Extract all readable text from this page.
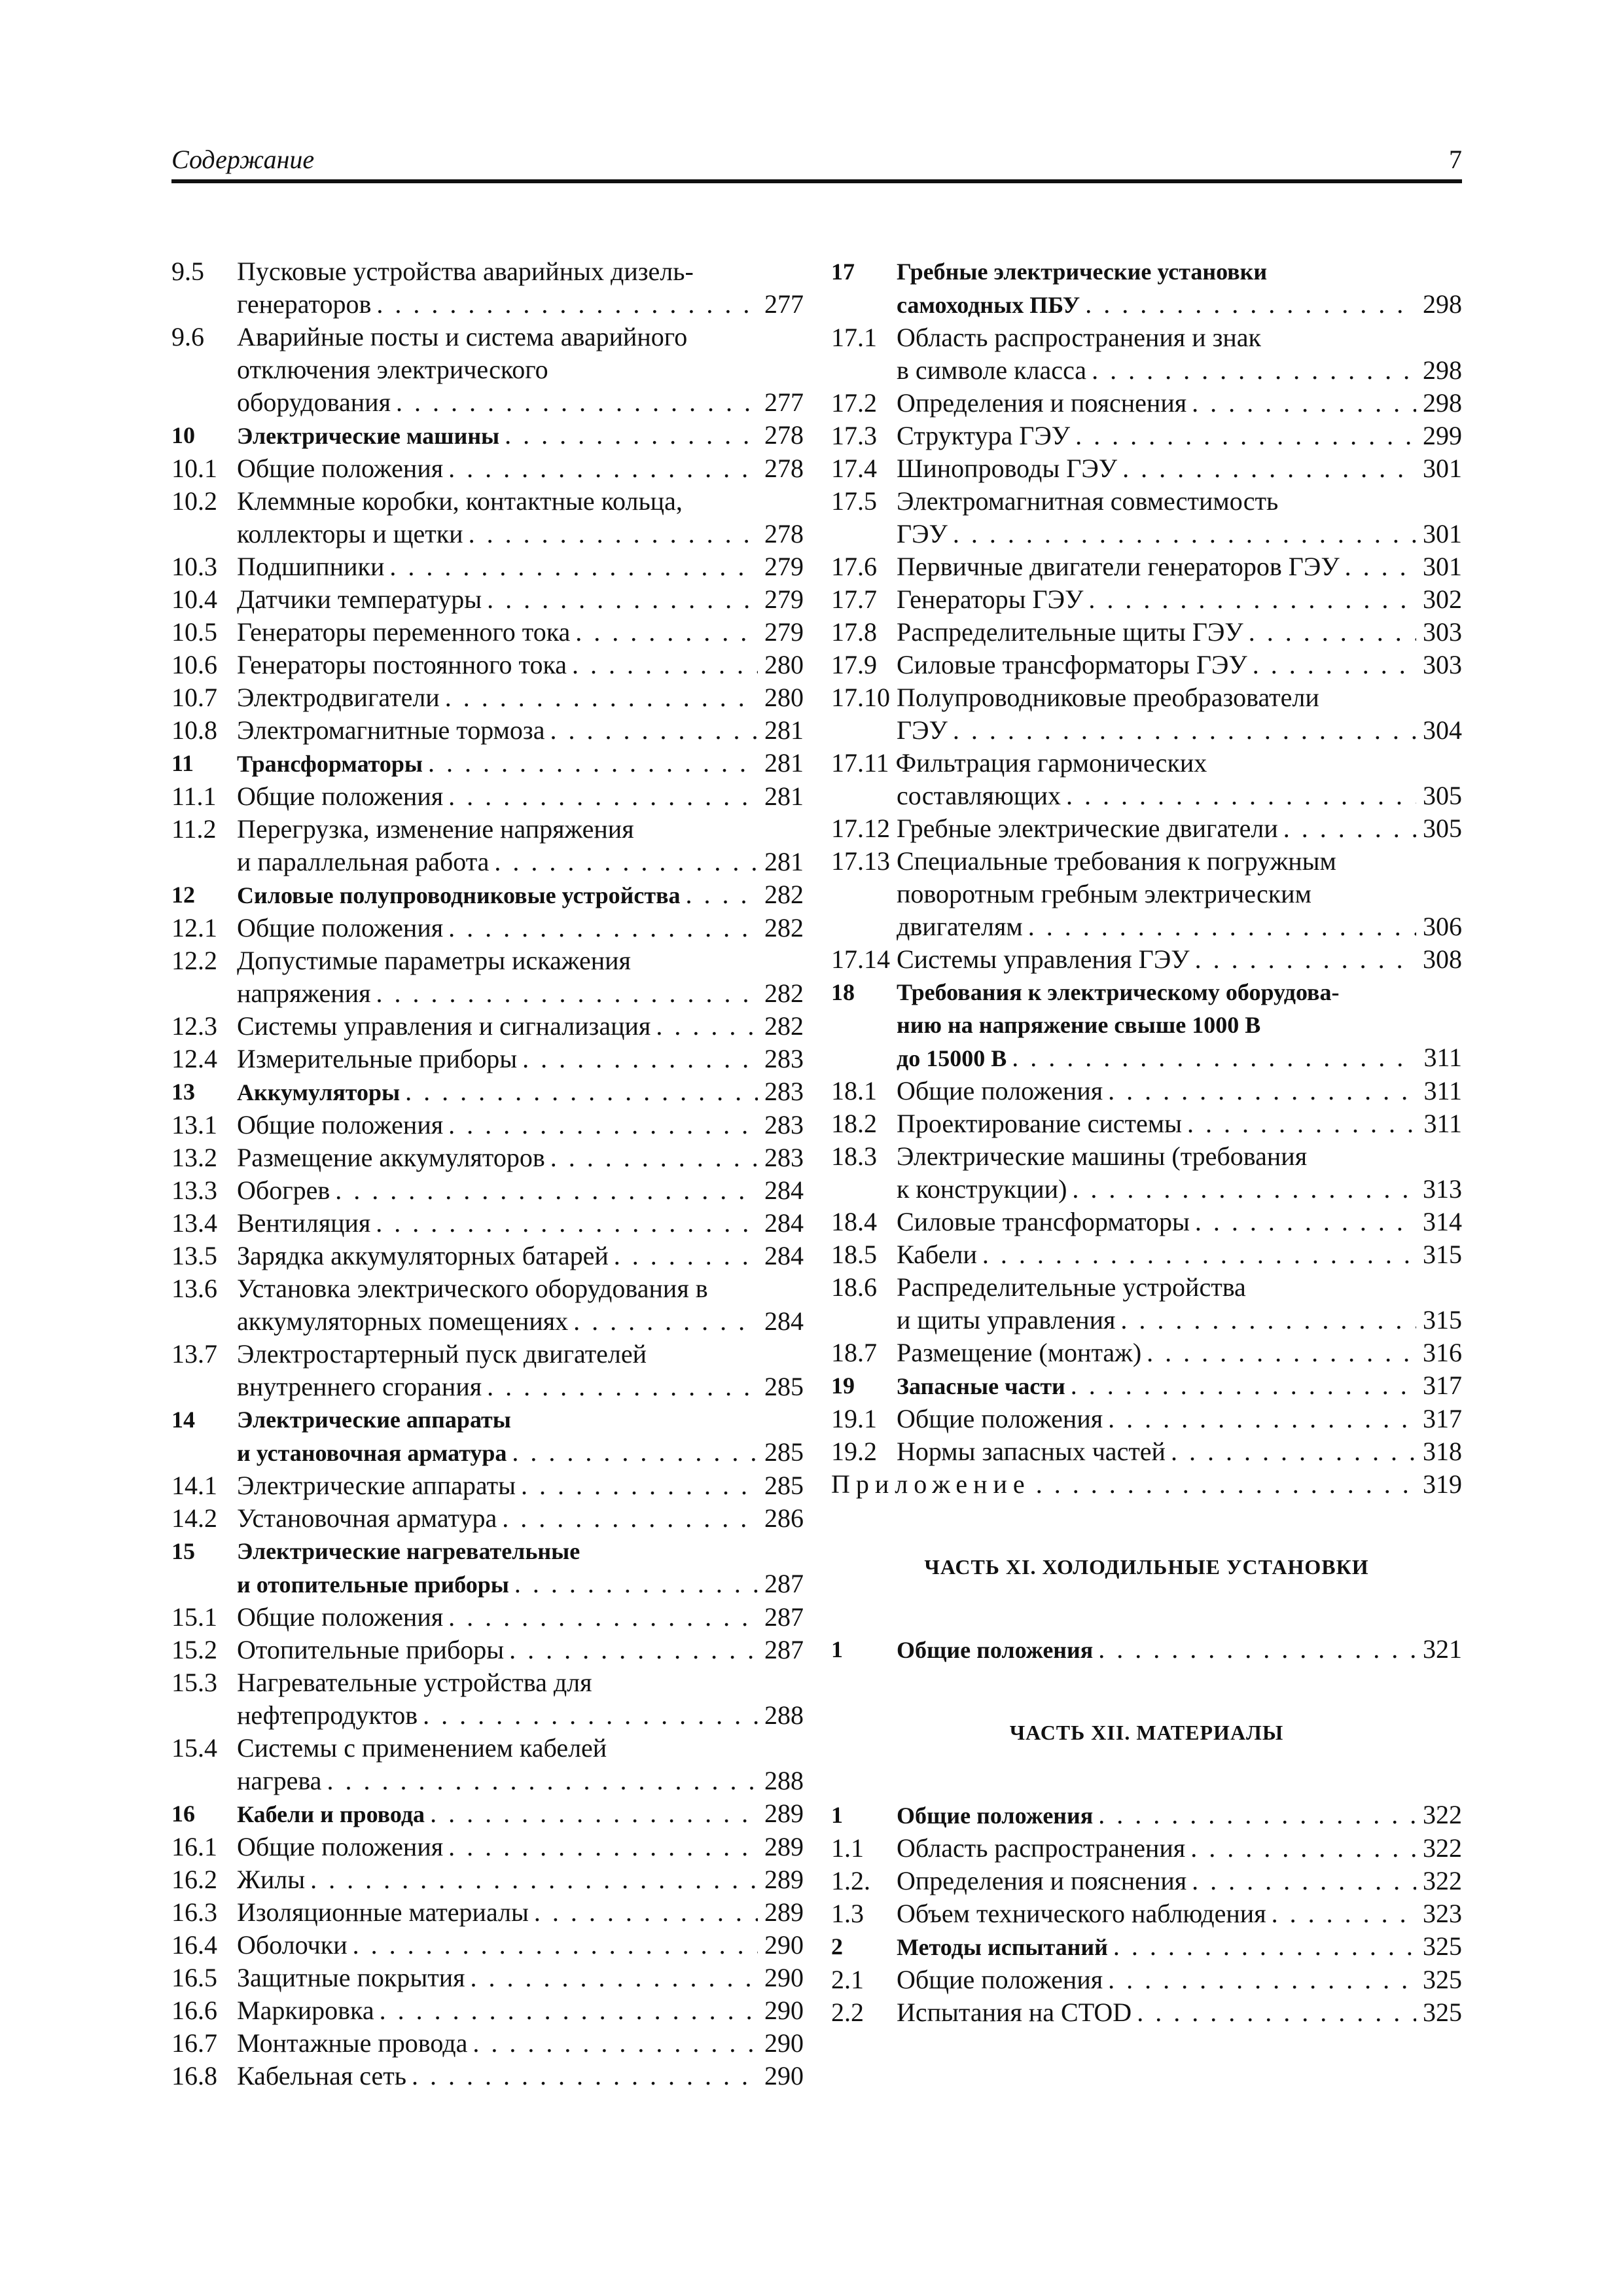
Содержание	7
9.5 Пусковые устройства аварийных дизель-
генераторов . . .	277
9.6 Аварийные посты и система аварийного
отключения электрического
оборудования . . .	277
10 Электрические машины . . .	278
10.1 Общие положения . . .	278
10.2 Клеммные коробки, контактные кольца,
коллекторы и щетки . . .	278
10.3 Подшипники . . .	279
10.4 Датчики температуры . . .	279
10.5 Генераторы переменного тока . . .	279
10.6 Генераторы постоянного тока . . .	280
10.7 Электродвигатели . . .	280
10.8 Электромагнитные тормоза . . .	281
11 Трансформаторы . . .	281
11.1 Общие положения . . .	281
11.2 Перегрузка, изменение напряжения
и параллельная работа . . .	281
12 Силовые полупроводниковые устройства . . .	282
12.1 Общие положения . . .	282
12.2 Допустимые параметры искажения
напряжения . . .	282
12.3 Системы управления и сигнализация . . .	282
12.4 Измерительные приборы . . .	283
13 Аккумуляторы . . .	283
13.1 Общие положения . . .	283
13.2 Размещение аккумуляторов . . .	283
13.3 Обогрев . . .	284
13.4 Вентиляция . . .	284
13.5 Зарядка аккумуляторных батарей . . .	284
13.6 Установка электрического оборудования в
аккумуляторных помещениях . . .	284
13.7 Электростартерный пуск двигателей
внутреннего сгорания . . .	285
14 Электрические аппараты
и установочная арматура . . .	285
14.1 Электрические аппараты . . .	285
14.2 Установочная арматура . . .	286
15 Электрические нагревательные
и отопительные приборы . . .	287
15.1 Общие положения . . .	287
15.2 Отопительные приборы . . .	287
15.3 Нагревательные устройства для
нефтепродуктов . . .	288
15.4 Системы с применением кабелей
нагрева . . .	288
16 Кабели и провода . . .	289
16.1 Общие положения . . .	289
16.2 Жилы . . .	289
16.3 Изоляционные материалы . . .	289
16.4 Оболочки . . .	290
16.5 Защитные покрытия . . .	290
16.6 Маркировка . . .	290
16.7 Монтажные провода . . .	290
16.8 Кабельная сеть . . .	290
17 Гребные электрические установки
самоходных ПБУ . . .	298
17.1 Область распространения и знак
в символе класса . . .	298
17.2 Определения и пояснения . . .	298
17.3 Структура ГЭУ . . .	299
17.4 Шинопроводы ГЭУ . . .	301
17.5 Электромагнитная совместимость
ГЭУ . . .	301
17.6 Первичные двигатели генераторов ГЭУ . . .	301
17.7 Генераторы ГЭУ . . .	302
17.8 Распределительные щиты ГЭУ . . .	303
17.9 Силовые трансформаторы ГЭУ . . .	303
17.10 Полупроводниковые преобразователи
ГЭУ . . .	304
17.11 Фильтрация гармонических
составляющих . . .	305
17.12 Гребные электрические двигатели . . .	305
17.13 Специальные требования к погружным
поворотным гребным электрическим
двигателям . . .	306
17.14 Системы управления ГЭУ . . .	308
18 Требования к электрическому оборудова-
нию на напряжение свыше 1000 В
до 15000 В . . .	311
18.1 Общие положения . . .	311
18.2 Проектирование системы . . .	311
18.3 Электрические машины (требования
к конструкции) . . .	313
18.4 Силовые трансформаторы . . .	314
18.5 Кабели . . .	315
18.6 Распределительные устройства
и щиты управления . . .	315
18.7 Размещение (монтаж) . . .	316
19 Запасные части . . .	317
19.1 Общие положения . . .	317
19.2 Нормы запасных частей . . .	318
Приложение . . .	319
ЧАСТЬ XI. ХОЛОДИЛЬНЫЕ УСТАНОВКИ
1 Общие положения . . .	321
ЧАСТЬ XII. МАТЕРИАЛЫ
1 Общие положения . . .	322
1.1 Область распространения . . .	322
1.2. Определения и пояснения . . .	322
1.3 Объем технического наблюдения . . .	323
2 Методы испытаний . . .	325
2.1 Общие положения . . .	325
2.2 Испытания на CTOD . . .	325
